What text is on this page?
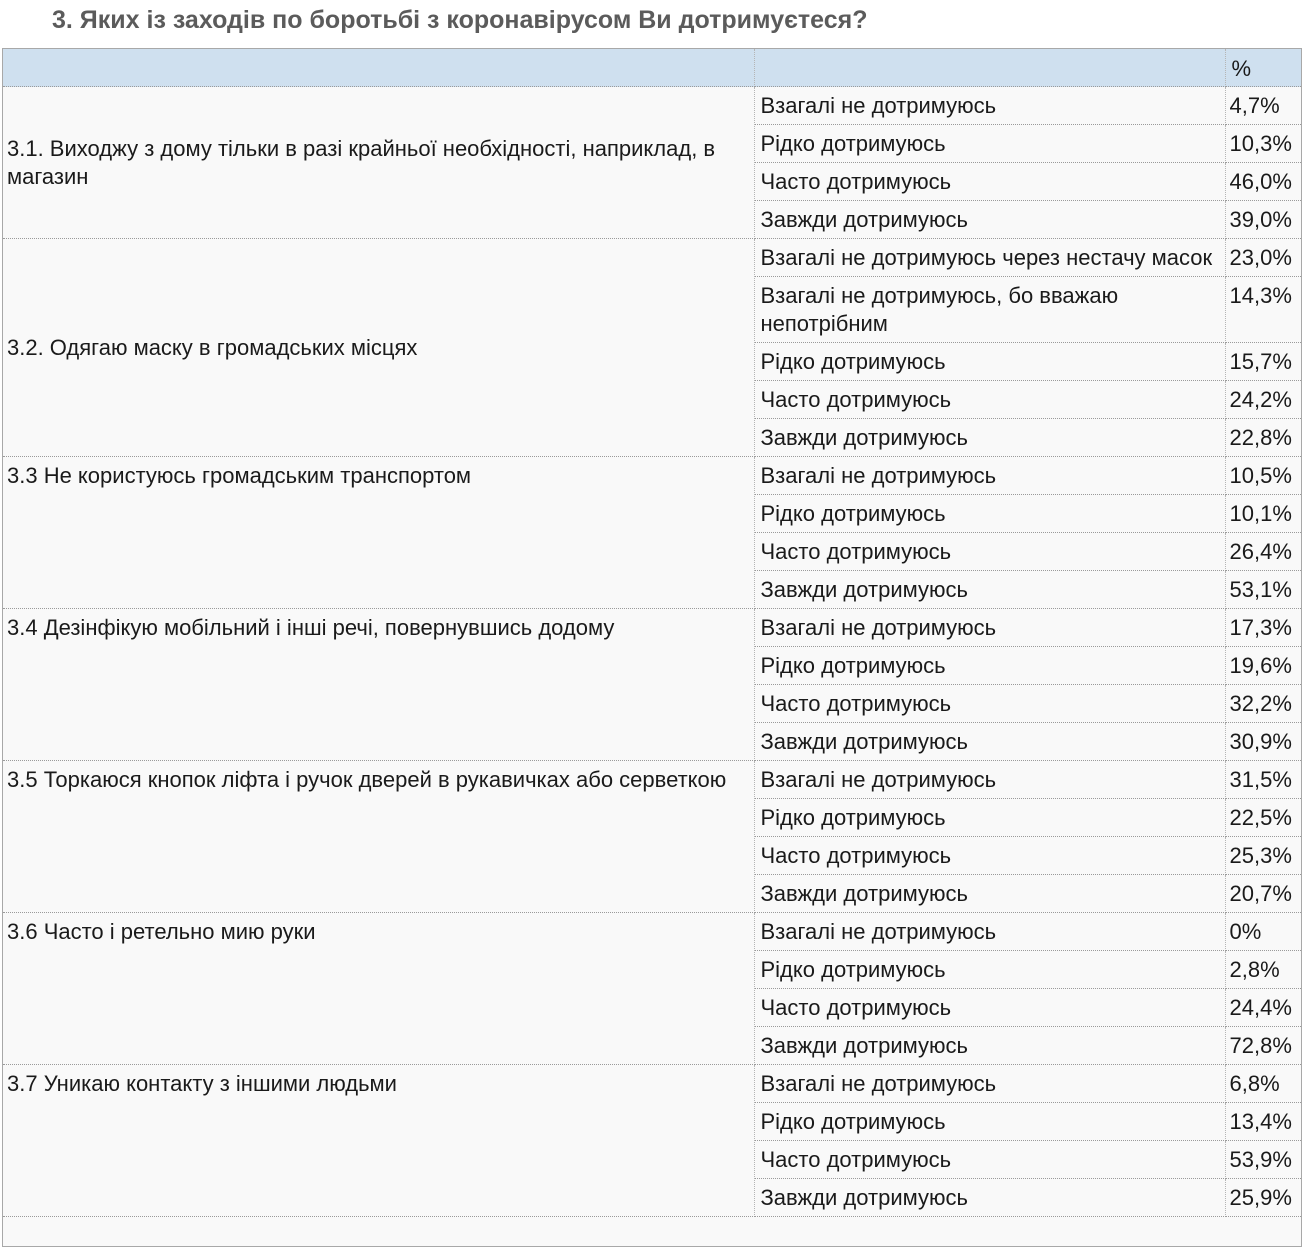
3. Яких із заходів по боротьбі з коронавірусом Ви дотримуєтеся?
		%
3.1. Виходжу з дому тільки в разі крайньої необхідності, наприклад, в магазин	Взагалі не дотримуюсь	4,7%
	Рідко дотримуюсь	10,3%
	Часто дотримуюсь	46,0%
	Завжди дотримуюсь	39,0%
3.2. Одягаю маску в громадських місцях	Взагалі не дотримуюсь через нестачу масок	23,0%
	Взагалі не дотримуюсь, бо вважаю непотрібним	14,3%
	Рідко дотримуюсь	15,7%
	Часто дотримуюсь	24,2%
	Завжди дотримуюсь	22,8%
3.3 Не користуюсь громадським транспортом	Взагалі не дотримуюсь	10,5%
	Рідко дотримуюсь	10,1%
	Часто дотримуюсь	26,4%
	Завжди дотримуюсь	53,1%
3.4 Дезінфікую мобільний і інші речі, повернувшись додому	Взагалі не дотримуюсь	17,3%
	Рідко дотримуюсь	19,6%
	Часто дотримуюсь	32,2%
	Завжди дотримуюсь	30,9%
3.5 Торкаюся кнопок ліфта і ручок дверей в рукавичках або серветкою	Взагалі не дотримуюсь	31,5%
	Рідко дотримуюсь	22,5%
	Часто дотримуюсь	25,3%
	Завжди дотримуюсь	20,7%
3.6 Часто і ретельно мию руки	Взагалі не дотримуюсь	0%
	Рідко дотримуюсь	2,8%
	Часто дотримуюсь	24,4%
	Завжди дотримуюсь	72,8%
3.7 Уникаю контакту з іншими людьми	Взагалі не дотримуюсь	6,8%
	Рідко дотримуюсь	13,4%
	Часто дотримуюсь	53,9%
	Завжди дотримуюсь	25,9%
